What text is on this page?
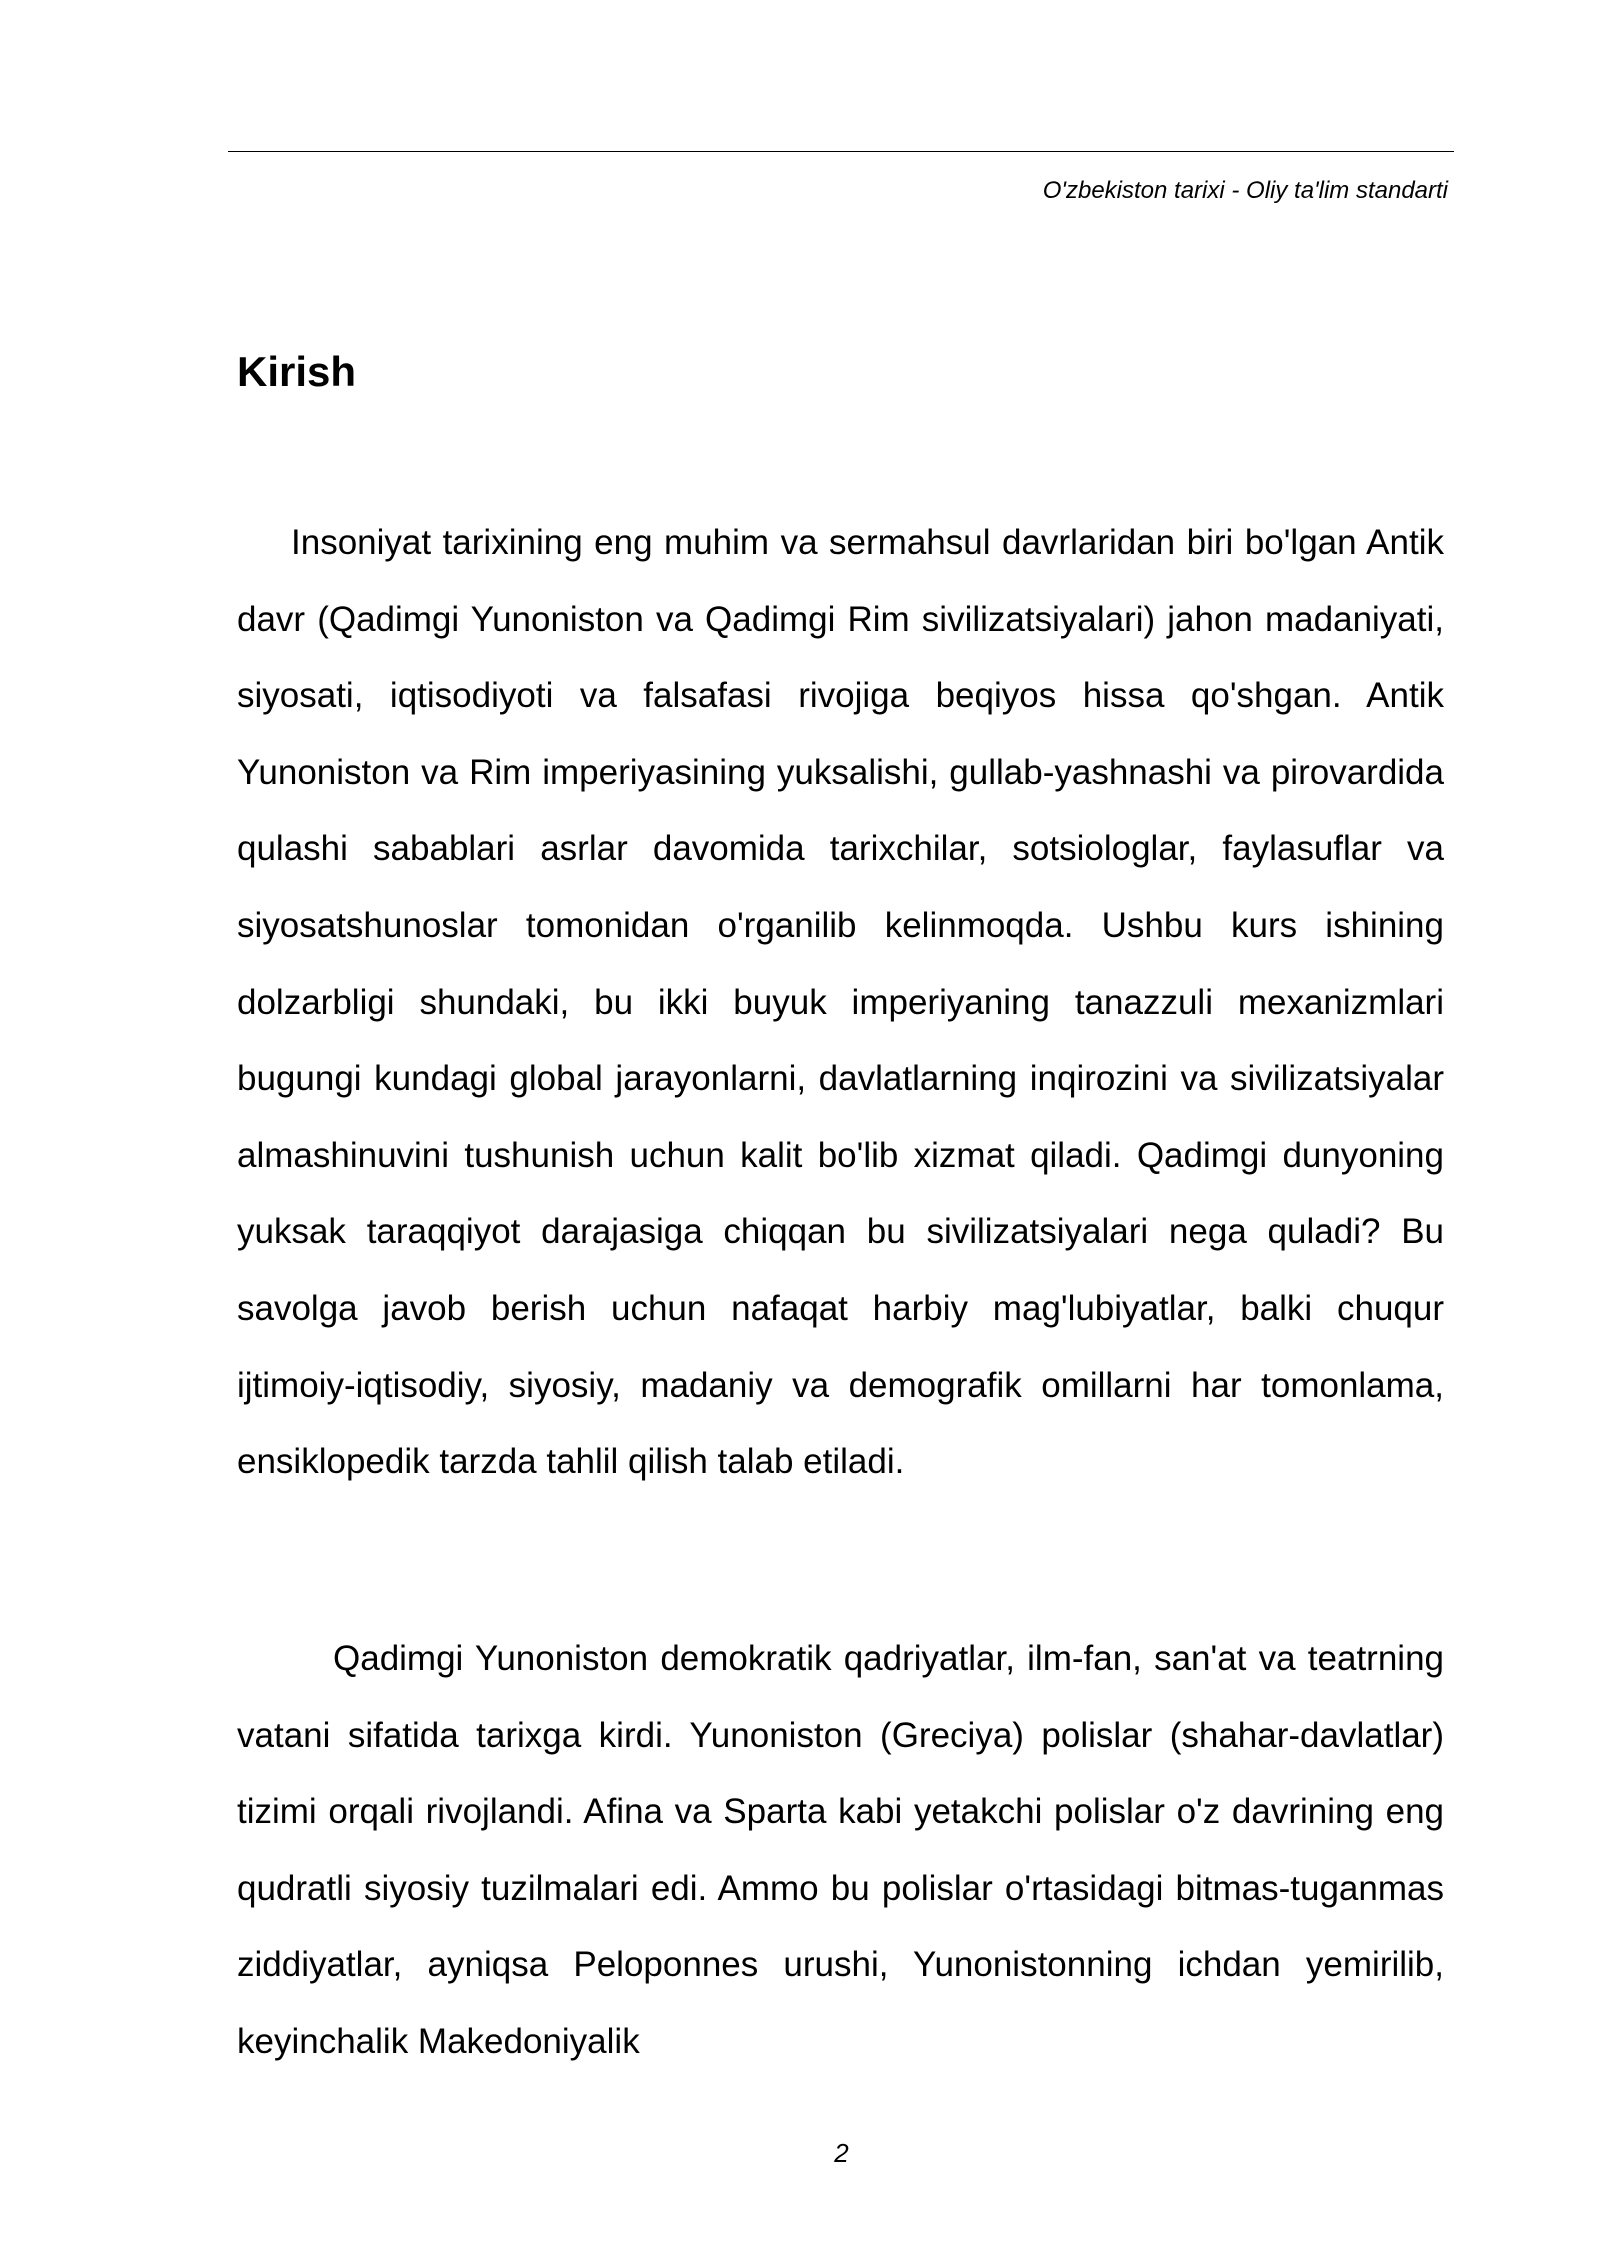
O'zbekiston tarixi - Oliy ta'lim standarti
Kirish

Insoniyat tarixining eng muhim va sermahsul davrlaridan biri bo'lgan Antik davr (Qadimgi Yunoniston va Qadimgi Rim sivilizatsiyalari) jahon madaniyati, siyosati, iqtisodiyoti va falsafasi rivojiga beqiyos hissa qo'shgan. Antik Yunoniston va Rim imperiyasining yuksalishi, gullab-yashnashi va pirovardida qulashi sabablari asrlar davomida tarixchilar, sotsiologlar, faylasuflar va siyosatshunoslar tomonidan o'rganilib kelinmoqda. Ushbu kurs ishining dolzarbligi shundaki, bu ikki buyuk imperiyaning tanazzuli mexanizmlari bugungi kundagi global jarayonlarni, davlatlarning inqirozini va sivilizatsiyalar almashinuvini tushunish uchun kalit bo'lib xizmat qiladi. Qadimgi dunyoning yuksak taraqqiyot darajasiga chiqqan bu sivilizatsiyalari nega quladi? Bu savolga javob berish uchun nafaqat harbiy mag'lubiyatlar, balki chuqur ijtimoiy-iqtisodiy, siyosiy, madaniy va demografik omillarni har tomonlama, ensiklopedik tarzda tahlil qilish talab etiladi.

Qadimgi Yunoniston demokratik qadriyatlar, ilm-fan, san'at va teatrning vatani sifatida tarixga kirdi. Yunoniston (Greciya) polislar (shahar-davlatlar) tizimi orqali rivojlandi. Afina va Sparta kabi yetakchi polislar o'z davrining eng qudratli siyosiy tuzilmalari edi. Ammo bu polislar o'rtasidagi bitmas-tuganmas ziddiyatlar, ayniqsa Peloponnes urushi, Yunonistonning ichdan yemirilib, keyinchalik Makedoniyalik

2
